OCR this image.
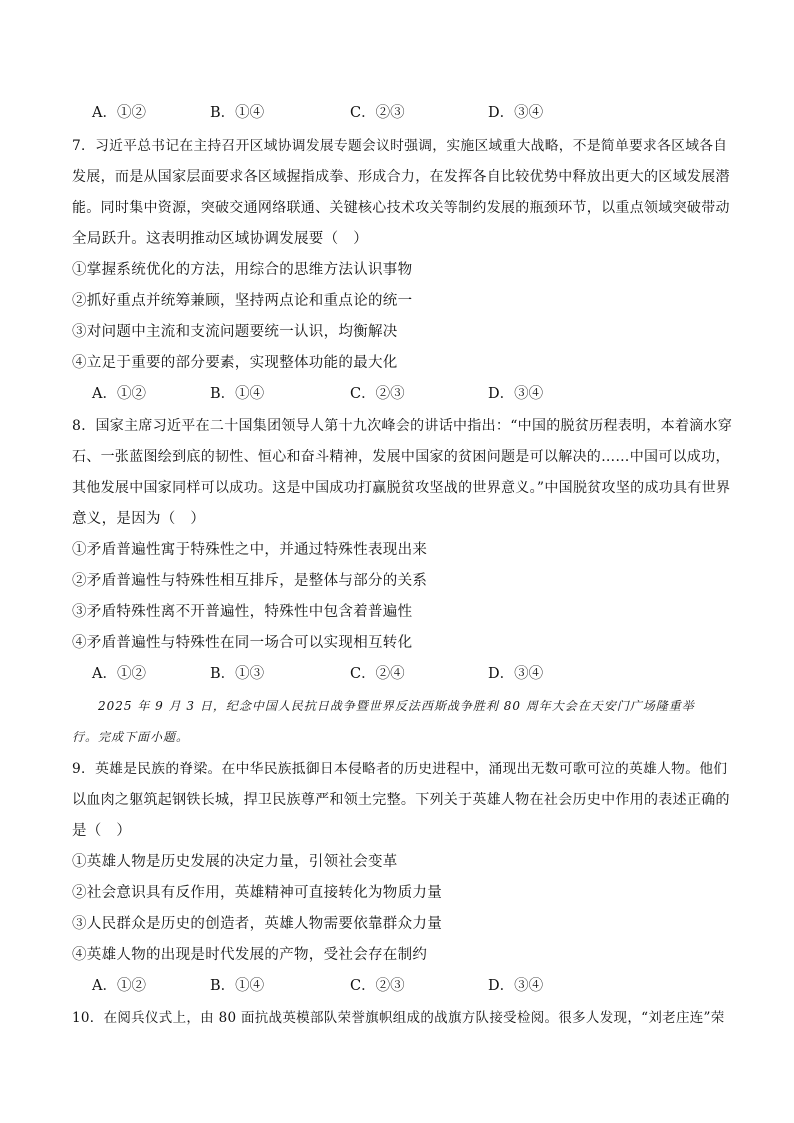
A．①②	B．①④	C．②③	D．③④
7．习近平总书记在主持召开区域协调发展专题会议时强调，实施区域重大战略，不是简单要求各区域各自
发展，而是从国家层面要求各区域握指成拳、形成合力，在发挥各自比较优势中释放出更大的区域发展潜
能。同时集中资源，突破交通网络联通、关键核心技术攻关等制约发展的瓶颈环节，以重点领域突破带动
全局跃升。这表明推动区域协调发展要（　）
①掌握系统优化的方法，用综合的思维方法认识事物
②抓好重点并统筹兼顾，坚持两点论和重点论的统一
③对问题中主流和支流问题要统一认识，均衡解决
④立足于重要的部分要素，实现整体功能的最大化
A．①②	B．①④	C．②③	D．③④
8．国家主席习近平在二十国集团领导人第十九次峰会的讲话中指出：“中国的脱贫历程表明，本着滴水穿
石、一张蓝图绘到底的韧性、恒心和奋斗精神，发展中国家的贫困问题是可以解决的……中国可以成功，
其他发展中国家同样可以成功。这是中国成功打赢脱贫攻坚战的世界意义。”中国脱贫攻坚的成功具有世界
意义，是因为（　）
①矛盾普遍性寓于特殊性之中，并通过特殊性表现出来
②矛盾普遍性与特殊性相互排斥，是整体与部分的关系
③矛盾特殊性离不开普遍性，特殊性中包含着普遍性
④矛盾普遍性与特殊性在同一场合可以实现相互转化
A．①②	B．①③	C．②④	D．③④
　　2025 年 9 月 3 日，纪念中国人民抗日战争暨世界反法西斯战争胜利 80 周年大会在天安门广场隆重举
行。完成下面小题。
9．英雄是民族的脊梁。在中华民族抵御日本侵略者的历史进程中，涌现出无数可歌可泣的英雄人物。他们
以血肉之躯筑起钢铁长城，捍卫民族尊严和领土完整。下列关于英雄人物在社会历史中作用的表述正确的
是（　）
①英雄人物是历史发展的决定力量，引领社会变革
②社会意识具有反作用，英雄精神可直接转化为物质力量
③人民群众是历史的创造者，英雄人物需要依靠群众力量
④英雄人物的出现是时代发展的产物，受社会存在制约
A．①②	B．①④	C．②③	D．③④
10．在阅兵仪式上，由 80 面抗战英模部队荣誉旗帜组成的战旗方队接受检阅。很多人发现，“刘老庄连”荣
